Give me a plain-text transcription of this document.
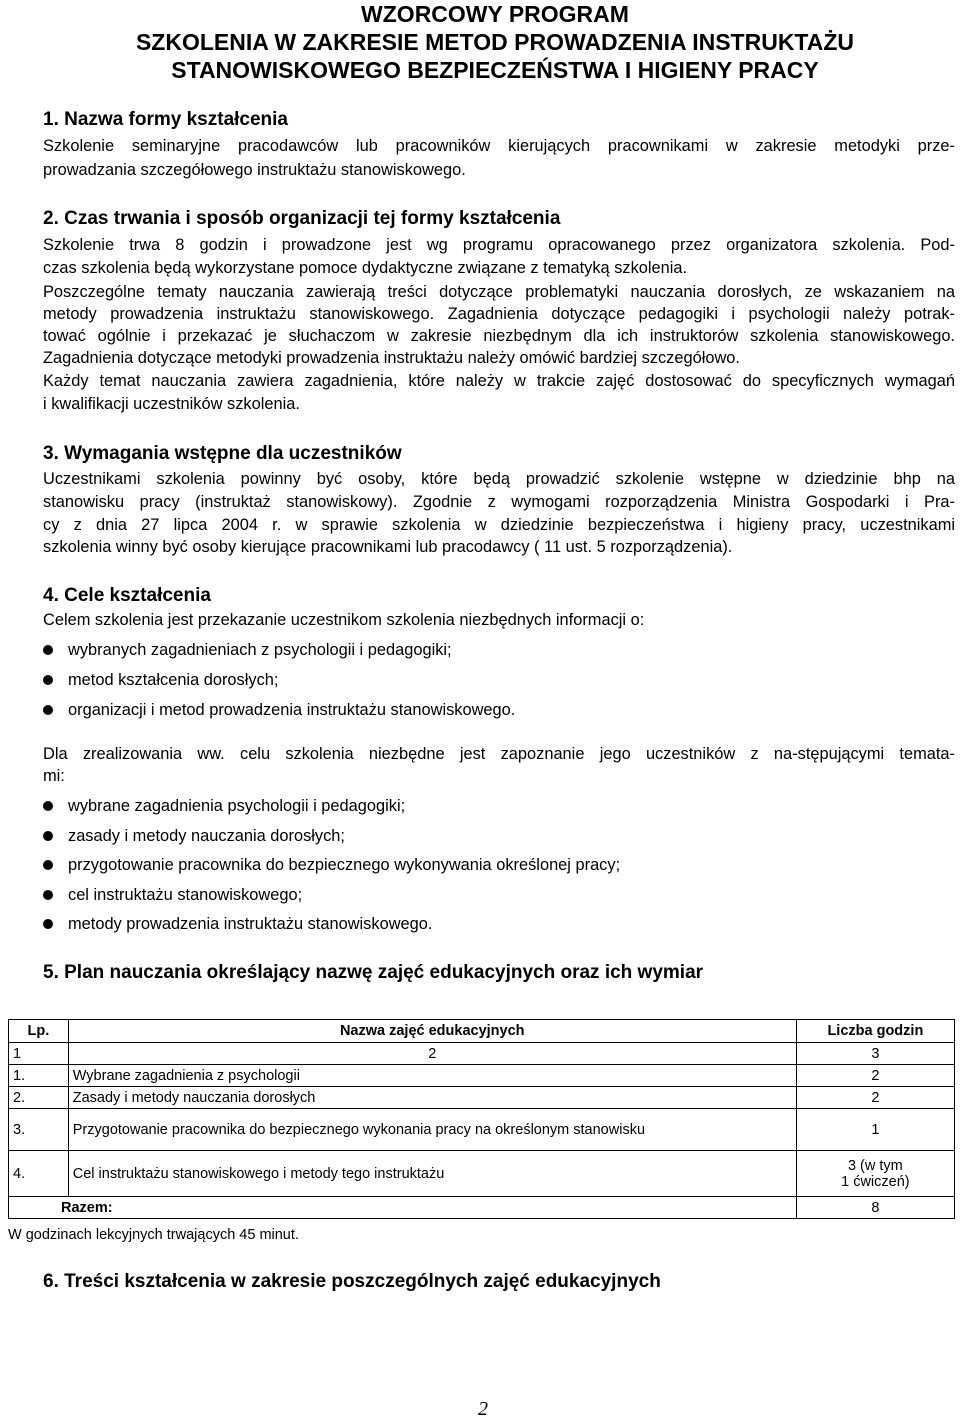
WZORCOWY PROGRAM
SZKOLENIA W ZAKRESIE METOD PROWADZENIA INSTRUKTAŻU
STANOWISKOWEGO BEZPIECZEŃSTWA I HIGIENY PRACY
1. Nazwa formy kształcenia
Szkolenie seminaryjne pracodawców lub pracowników kierujących pracownikami w zakresie metodyki prze-
prowadzania szczegółowego instruktażu stanowiskowego.
2. Czas trwania i sposób organizacji tej formy kształcenia
Szkolenie trwa 8 godzin i prowadzone jest wg programu opracowanego przez organizatora szkolenia. Pod-
czas szkolenia będą wykorzystane pomoce dydaktyczne związane z tematyką szkolenia.
Poszczególne tematy nauczania zawierają treści dotyczące problematyki nauczania dorosłych, ze wskazaniem na
metody prowadzenia instruktażu stanowiskowego. Zagadnienia dotyczące pedagogiki i psychologii należy potrak-
tować ogólnie i przekazać je słuchaczom w zakresie niezbędnym dla ich instruktorów szkolenia stanowiskowego.
Zagadnienia dotyczące metodyki prowadzenia instruktażu należy omówić bardziej szczegółowo.
Każdy temat nauczania zawiera zagadnienia, które należy w trakcie zajęć dostosować do specyficznych wymagań
i kwalifikacji uczestników szkolenia.
3. Wymagania wstępne dla uczestników
Uczestnikami szkolenia powinny być osoby, które będą prowadzić szkolenie wstępne w dziedzinie bhp na
stanowisku pracy (instruktaż stanowiskowy). Zgodnie z wymogami rozporządzenia Ministra Gospodarki i Pra-
cy z dnia 27 lipca 2004 r. w sprawie szkolenia w dziedzinie bezpieczeństwa i higieny pracy, uczestnikami
szkolenia winny być osoby kierujące pracownikami lub pracodawcy ( 11 ust. 5 rozporządzenia).
4. Cele kształcenia
Celem szkolenia jest przekazanie uczestnikom szkolenia niezbędnych informacji o:
wybranych zagadnieniach z psychologii i pedagogiki;
metod kształcenia dorosłych;
organizacji i metod prowadzenia instruktażu stanowiskowego.
Dla zrealizowania ww. celu szkolenia niezbędne jest zapoznanie jego uczestników z na-stępującymi temata-
mi:
wybrane zagadnienia psychologii i pedagogiki;
zasady i metody nauczania dorosłych;
przygotowanie pracownika do bezpiecznego wykonywania określonej pracy;
cel instruktażu stanowiskowego;
metody prowadzenia instruktażu stanowiskowego.
5. Plan nauczania określający nazwę zajęć edukacyjnych oraz ich wymiar
Lp.	Nazwa zajęć edukacyjnych	Liczba godzin
1	2	3
1.	Wybrane zagadnienia z psychologii	2
2.	Zasady i metody nauczania dorosłych	2
3.	Przygotowanie pracownika do bezpiecznego wykonania pracy na określonym stanowisku	1
4.	Cel instruktażu stanowiskowego i metody tego instruktażu	3 (w tym
1 ćwiczeń)

Razem:		8
W godzinach lekcyjnych trwających 45 minut.
6. Treści kształcenia w zakresie poszczególnych zajęć edukacyjnych
2
